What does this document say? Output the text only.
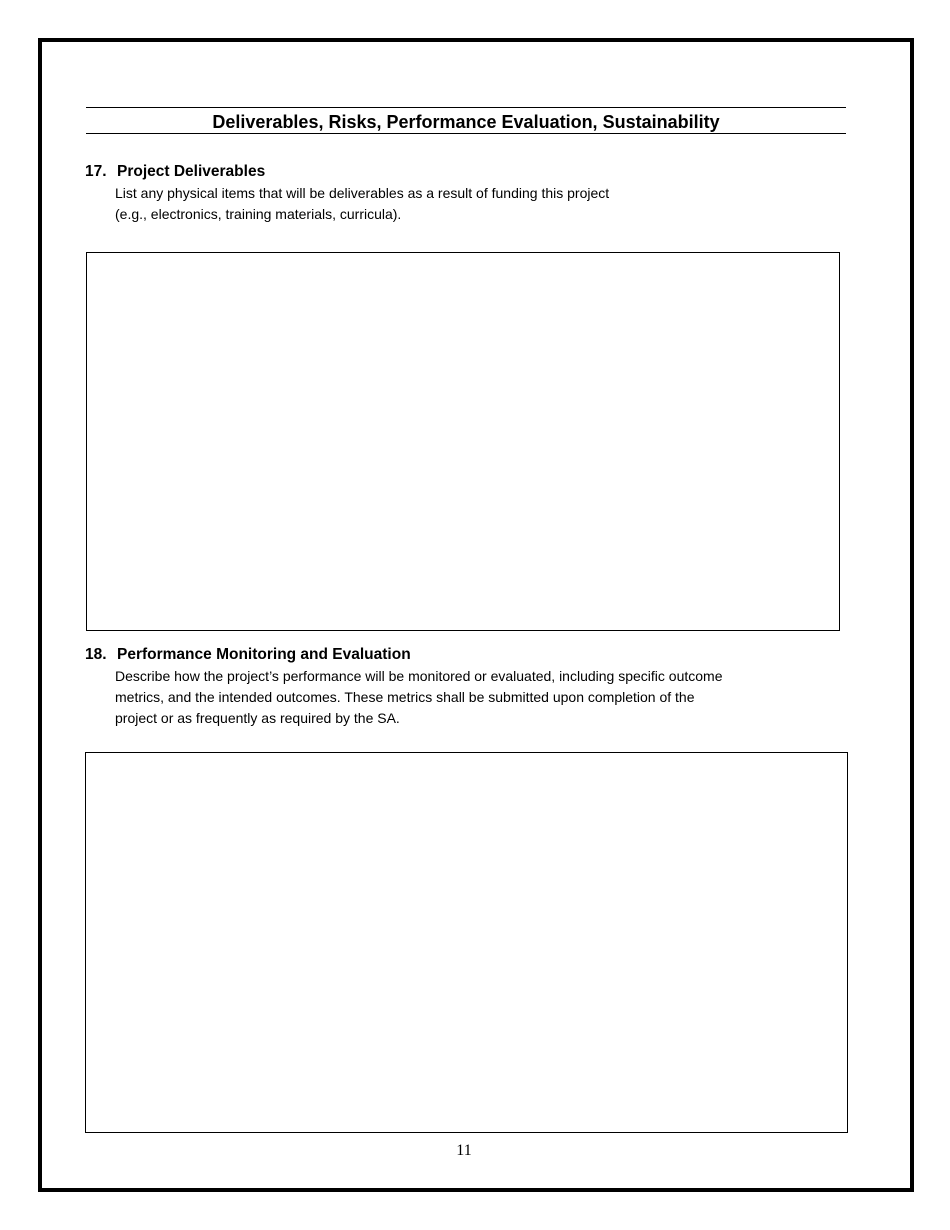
Deliverables, Risks, Performance Evaluation, Sustainability
17. Project Deliverables
List any physical items that will be deliverables as a result of funding this project
(e.g., electronics, training materials, curricula).
18. Performance Monitoring and Evaluation
Describe how the project’s performance will be monitored or evaluated, including specific outcome
metrics, and the intended outcomes. These metrics shall be submitted upon completion of the
project or as frequently as required by the SA.
11
